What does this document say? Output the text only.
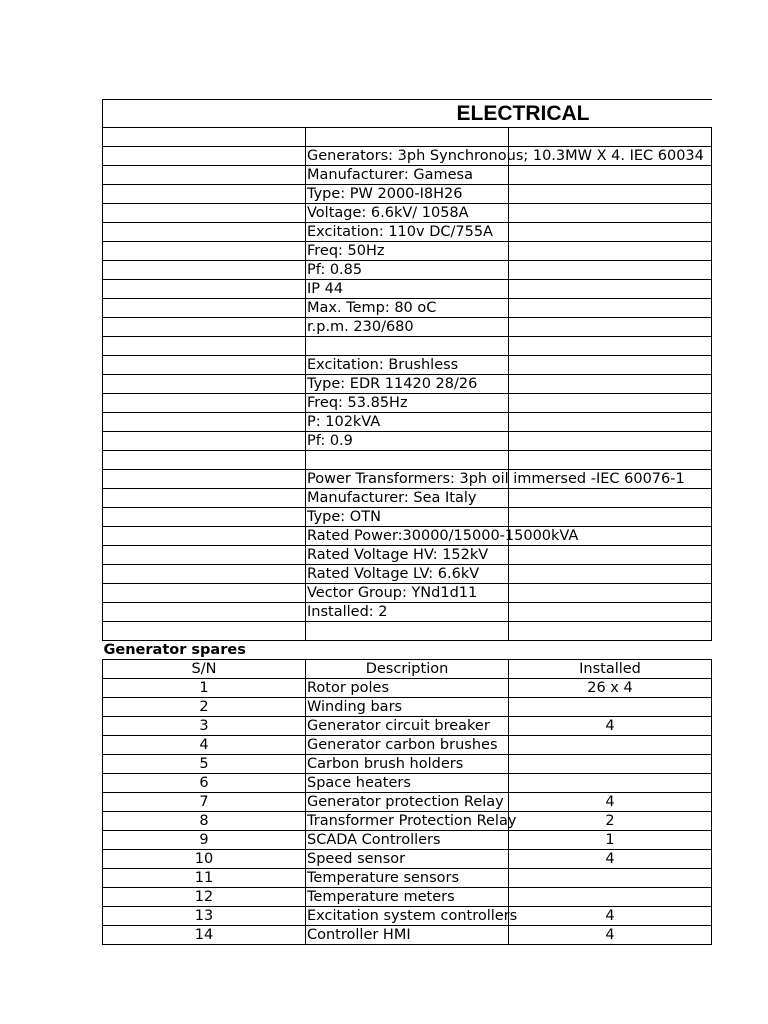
ELECTRICAL		

	Generators: 3ph Synchronous; 10.3MW X 4. IEC 60034	
	Manufacturer: Gamesa	
	Type: PW 2000-I8H26	
	Voltage: 6.6kV/ 1058A	
	Excitation: 110v DC/755A	
	Freq: 50Hz	
	Pf: 0.85	
	IP 44	
	Max. Temp: 80 oC	
	r.p.m. 230/680	

	Excitation: Brushless	
	Type: EDR 11420 28/26	
	Freq: 53.85Hz	
	P: 102kVA	
	Pf: 0.9	

	Power Transformers: 3ph oil immersed -IEC 60076-1	
	Manufacturer: Sea Italy	
	Type: OTN	
	Rated Power:30000/15000-15000kVA	
	Rated Voltage HV: 152kV	
	Rated Voltage LV: 6.6kV	
	Vector Group: YNd1d11	
	Installed: 2	

Generator spares		
S/N	Description	Installed
1	Rotor poles	26 x 4
2	Winding bars	
3	Generator circuit breaker	4
4	Generator carbon brushes	
5	Carbon brush holders	
6	Space heaters	
7	Generator protection Relay	4
8	Transformer Protection Relay	2
9	SCADA Controllers	1
10	Speed sensor	4
11	Temperature sensors	
12	Temperature meters	
13	Excitation system controllers	4
14	Controller HMI	4
